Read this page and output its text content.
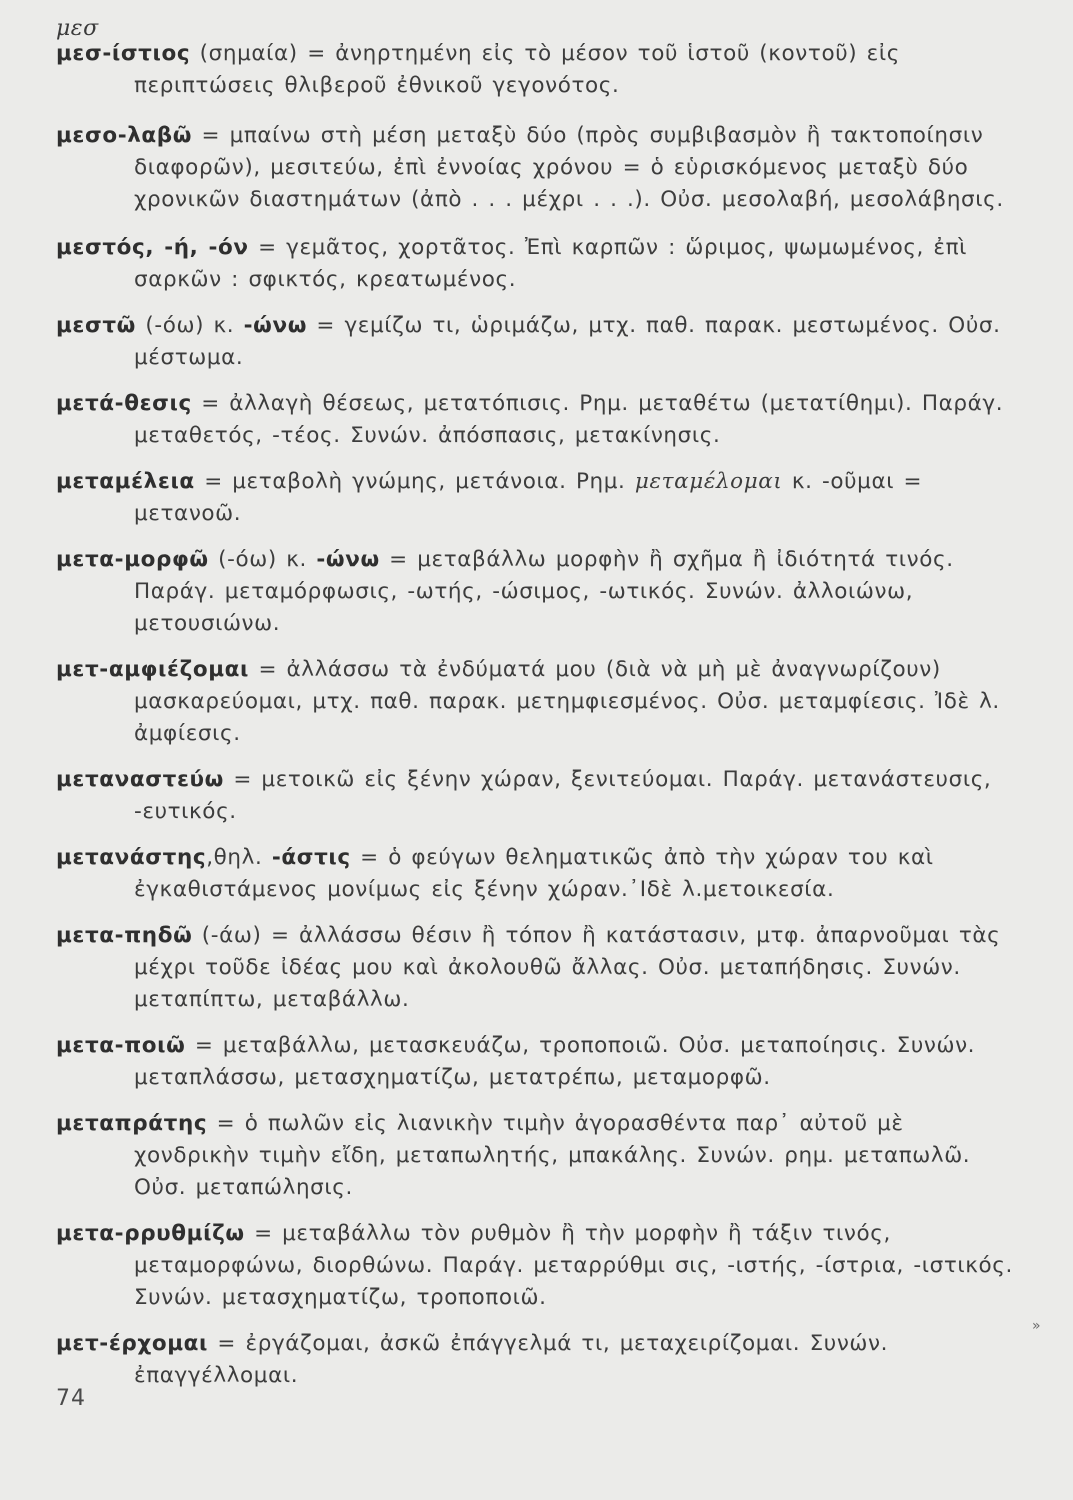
μεσ

μεσ-ίστιος (σημαία) = ἀνηρτημένη εἰς τὸ μέσον τοῦ ἱστοῦ (κοντοῦ) εἰς περιπτώσεις θλιβεροῦ ἐθνικοῦ γεγονότος.

μεσο-λαβῶ = μπαίνω στὴ μέση μεταξὺ δύο (πρὸς συμβιβασμὸν ἢ τακτοποίησιν διαφορῶν), μεσιτεύω, ἐπὶ ἐννοίας χρόνου = ὁ εὑρισκόμενος μεταξὺ δύο χρονικῶν διαστημάτων (ἀπὸ . . . μέχρι . . .). Οὐσ. μεσολαβή, μεσολάβησις.

μεστός, -ή, -όν = γεμᾶτος, χορτᾶτος. Ἐπὶ καρπῶν : ὥριμος, ψωμωμένος, ἐπὶ σαρκῶν : σφικτός, κρεατωμένος.

μεστῶ (-όω) κ. -ώνω = γεμίζω τι, ὡριμάζω, μτχ. παθ. παρακ. μεστωμένος. Οὐσ. μέστωμα.

μετά-θεσις = ἀλλαγὴ θέσεως, μετατόπισις. Ρημ. μεταθέτω (μετατίθημι). Παράγ. μεταθετός, -τέος. Συνών. ἀπόσπασις, μετακίνησις.

μεταμέλεια = μεταβολὴ γνώμης, μετάνοια. Ρημ. μεταμέλομαι κ. -οῦμαι = μετανοῶ.

μετα-μορφῶ (-όω) κ. -ώνω = μεταβάλλω μορφὴν ἢ σχῆμα ἢ ἰδιότητά τινός. Παράγ. μεταμόρφωσις, -ωτής, -ώσιμος, -ωτικός. Συνών. ἀλλοιώνω, μετουσιώνω.

μετ-αμφιέζομαι = ἀλλάσσω τὰ ἐνδύματά μου (διὰ νὰ μὴ μὲ ἀναγνωρίζουν) μασκαρεύομαι, μτχ. παθ. παρακ. μετημφιεσμένος. Οὐσ. μεταμφίεσις. Ἰδὲ λ. ἀμφίεσις.

μεταναστεύω = μετοικῶ εἰς ξένην χώραν, ξενιτεύομαι. Παράγ. μετανάστευσις, -ευτικός.

μετανάστης,θηλ. -άστις = ὁ φεύγων θεληματικῶς ἀπὸ τὴν χώραν του καὶ ἐγκαθιστάμενος μονίμως εἰς ξένην χώραν.᾿Ιδὲ λ.μετοικεσία.

μετα-πηδῶ (-άω) = ἀλλάσσω θέσιν ἢ τόπον ἢ κατάστασιν, μτφ. ἀπαρνοῦμαι τὰς μέχρι τοῦδε ἰδέας μου καὶ ἀκολουθῶ ἄλλας. Οὐσ. μεταπήδησις. Συνών. μεταπίπτω, μεταβάλλω.

μετα-ποιῶ = μεταβάλλω, μετασκευάζω, τροποποιῶ. Οὐσ. μεταποίησις. Συνών. μεταπλάσσω, μετασχηματίζω, μετατρέπω, μεταμορφῶ.

μεταπράτης = ὁ πωλῶν εἰς λιανικὴν τιμὴν ἀγορασθέντα παρ᾿ αὐτοῦ μὲ χονδρικὴν τιμὴν εἴδη, μεταπωλητής, μπακάλης. Συνών. ρημ. μεταπωλῶ. Οὐσ. μεταπώλησις.

μετα-ρρυθμίζω = μεταβάλλω τὸν ρυθμὸν ἢ τὴν μορφὴν ἢ τάξιν τινός, μεταμορφώνω, διορθώνω. Παράγ. μεταρρύθμι σις, -ιστής, -ίστρια, -ιστικός. Συνών. μετασχηματίζω, τροποποιῶ.

μετ-έρχομαι = ἐργάζομαι, ἀσκῶ ἐπάγγελμά τι, μεταχειρίζομαι. Συνών. ἐπαγγέλλομαι.

»
74
